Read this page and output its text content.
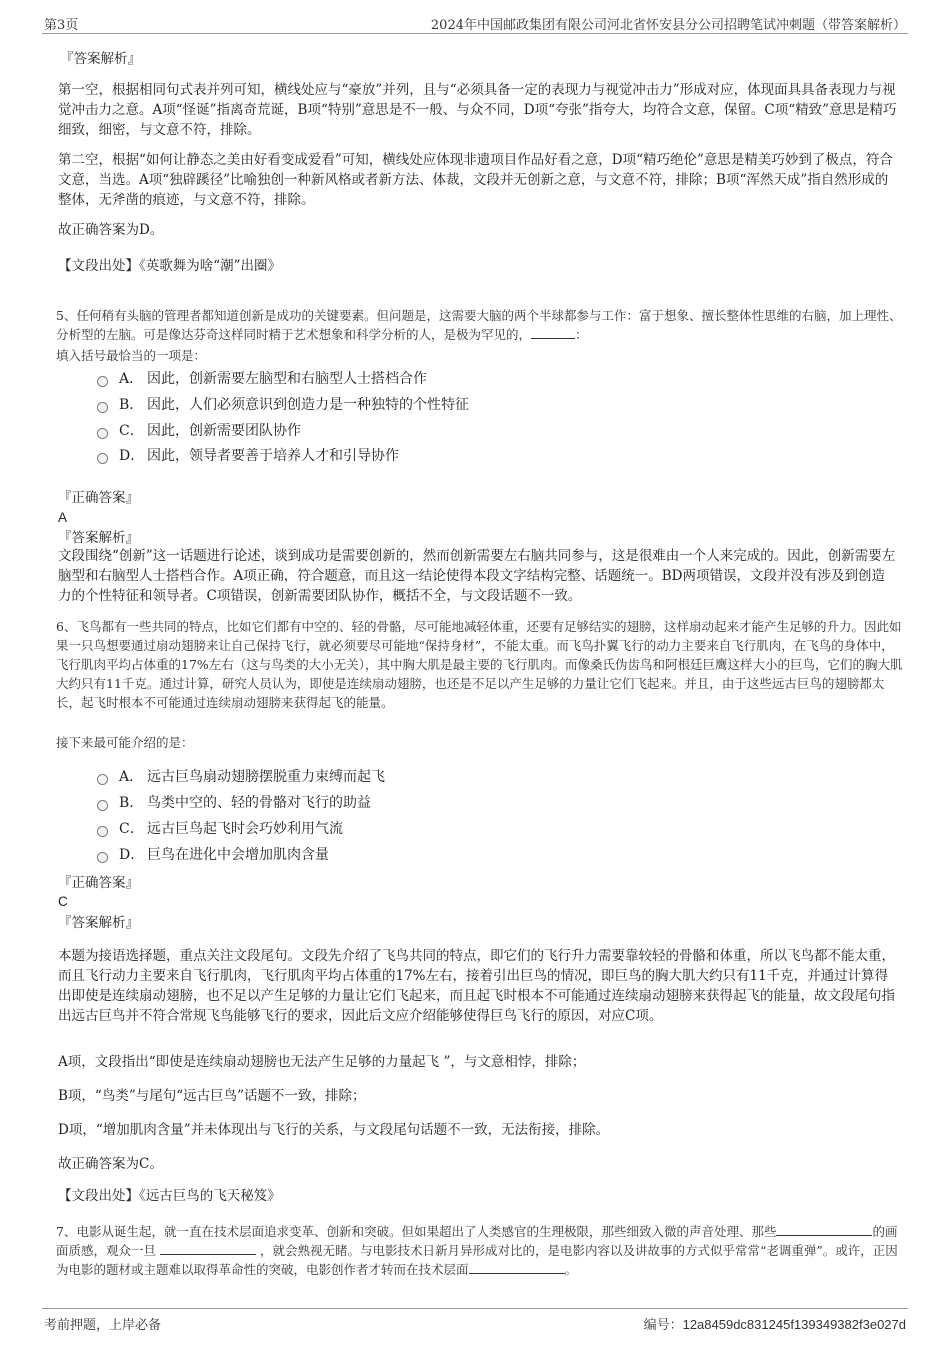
第3页	2024年中国邮政集团有限公司河北省怀安县分公司招聘笔试冲刺题（带答案解析）
『答案解析』
第一空，根据相同句式表并列可知，横线处应与“豪放”并列，且与“必须具备一定的表现力与视觉冲击力”形成对应，体现面具具备表现力与视觉冲击力之意。A项“怪诞”指离奇荒诞，B项“特别”意思是不一般、与众不同，D项“夸张”指夸大，均符合文意，保留。C项“精致”意思是精巧细致，细密，与文意不符，排除。
第二空，根据“如何让静态之美由好看变成爱看”可知，横线处应体现非遗项目作品好看之意，D项“精巧绝伦”意思是精美巧妙到了极点，符合文意，当选。A项“独辟蹊径”比喻独创一种新风格或者新方法、体裁，文段并无创新之意，与文意不符，排除；B项“浑然天成”指自然形成的整体，无斧凿的痕迹，与文意不符，排除。
故正确答案为D。
【文段出处】《英歌舞为啥“潮”出圈》
5、任何稍有头脑的管理者都知道创新是成功的关键要素。但问题是，这需要大脑的两个半球都参与工作：富于想象、擅长整体性思维的右脑，加上理性、分析型的左脑。可是像达芬奇这样同时精于艺术想象和科学分析的人，是极为罕见的，	：
填入括号最恰当的一项是：
A． 因此，创新需要左脑型和右脑型人士搭档合作
B． 因此，人们必须意识到创造力是一种独特的个性特征
C． 因此，创新需要团队协作
D． 因此，领导者要善于培养人才和引导协作
『正确答案』
A
『答案解析』
文段围绕“创新”这一话题进行论述，谈到成功是需要创新的，然而创新需要左右脑共同参与，这是很难由一个人来完成的。因此，创新需要左脑型和右脑型人士搭档合作。A项正确，符合题意，而且这一结论使得本段文字结构完整、话题统一。BD两项错误，文段并没有涉及到创造力的个性特征和领导者。C项错误，创新需要团队协作，概括不全，与文段话题不一致。
6、飞鸟都有一些共同的特点，比如它们都有中空的、轻的骨骼，尽可能地减轻体重，还要有足够结实的翅膀，这样扇动起来才能产生足够的升力。因此如果一只鸟想要通过扇动翅膀来让自己保持飞行，就必须要尽可能地“保持身材”，不能太重。而飞鸟扑翼飞行的动力主要来自飞行肌肉，在飞鸟的身体中，飞行肌肉平均占体重的17%左右（这与鸟类的大小无关），其中胸大肌是最主要的飞行肌肉。而像桑氏伪齿鸟和阿根廷巨鹰这样大小的巨鸟，它们的胸大肌大约只有11千克。通过计算，研究人员认为，即使是连续扇动翅膀，也还是不足以产生足够的力量让它们飞起来。并且，由于这些远古巨鸟的翅膀都太长，起飞时根本不可能通过连续扇动翅膀来获得起飞的能量。
接下来最可能介绍的是：
A． 远古巨鸟扇动翅膀摆脱重力束缚而起飞
B． 鸟类中空的、轻的骨骼对飞行的助益
C． 远古巨鸟起飞时会巧妙利用气流
D． 巨鸟在进化中会增加肌肉含量
『正确答案』
C
『答案解析』
本题为接语选择题，重点关注文段尾句。文段先介绍了飞鸟共同的特点，即它们的飞行升力需要靠较轻的骨骼和体重，所以飞鸟都不能太重，而且飞行动力主要来自飞行肌肉，飞行肌肉平均占体重的17%左右，接着引出巨鸟的情况，即巨鸟的胸大肌大约只有11千克，并通过计算得出即使是连续扇动翅膀，也不足以产生足够的力量让它们飞起来，而且起飞时根本不可能通过连续扇动翅膀来获得起飞的能量，故文段尾句指出远古巨鸟并不符合常规飞鸟能够飞行的要求，因此后文应介绍能够使得巨鸟飞行的原因，对应C项。
A项，文段指出“即使是连续扇动翅膀也无法产生足够的力量起飞 ”，与文意相悖，排除；
B项，“鸟类”与尾句“远古巨鸟”话题不一致，排除；
D项，“增加肌肉含量”并未体现出与飞行的关系，与文段尾句话题不一致，无法衔接，排除。
故正确答案为C。
【文段出处】《远古巨鸟的飞天秘笈》
7、电影从诞生起，就一直在技术层面追求变革、创新和突破。但如果超出了人类感官的生理极限，那些细致入微的声音处理、那些	的画面质感，观众一旦	，就会熟视无睹。与电影技术日新月异形成对比的，是电影内容以及讲故事的方式似乎常常“老调重弹”。或许，正因为电影的题材或主题难以取得革命性的突破，电影创作者才转而在技术层面	。
考前押题，上岸必备	编号：12a8459dc831245f139349382f3e027d
